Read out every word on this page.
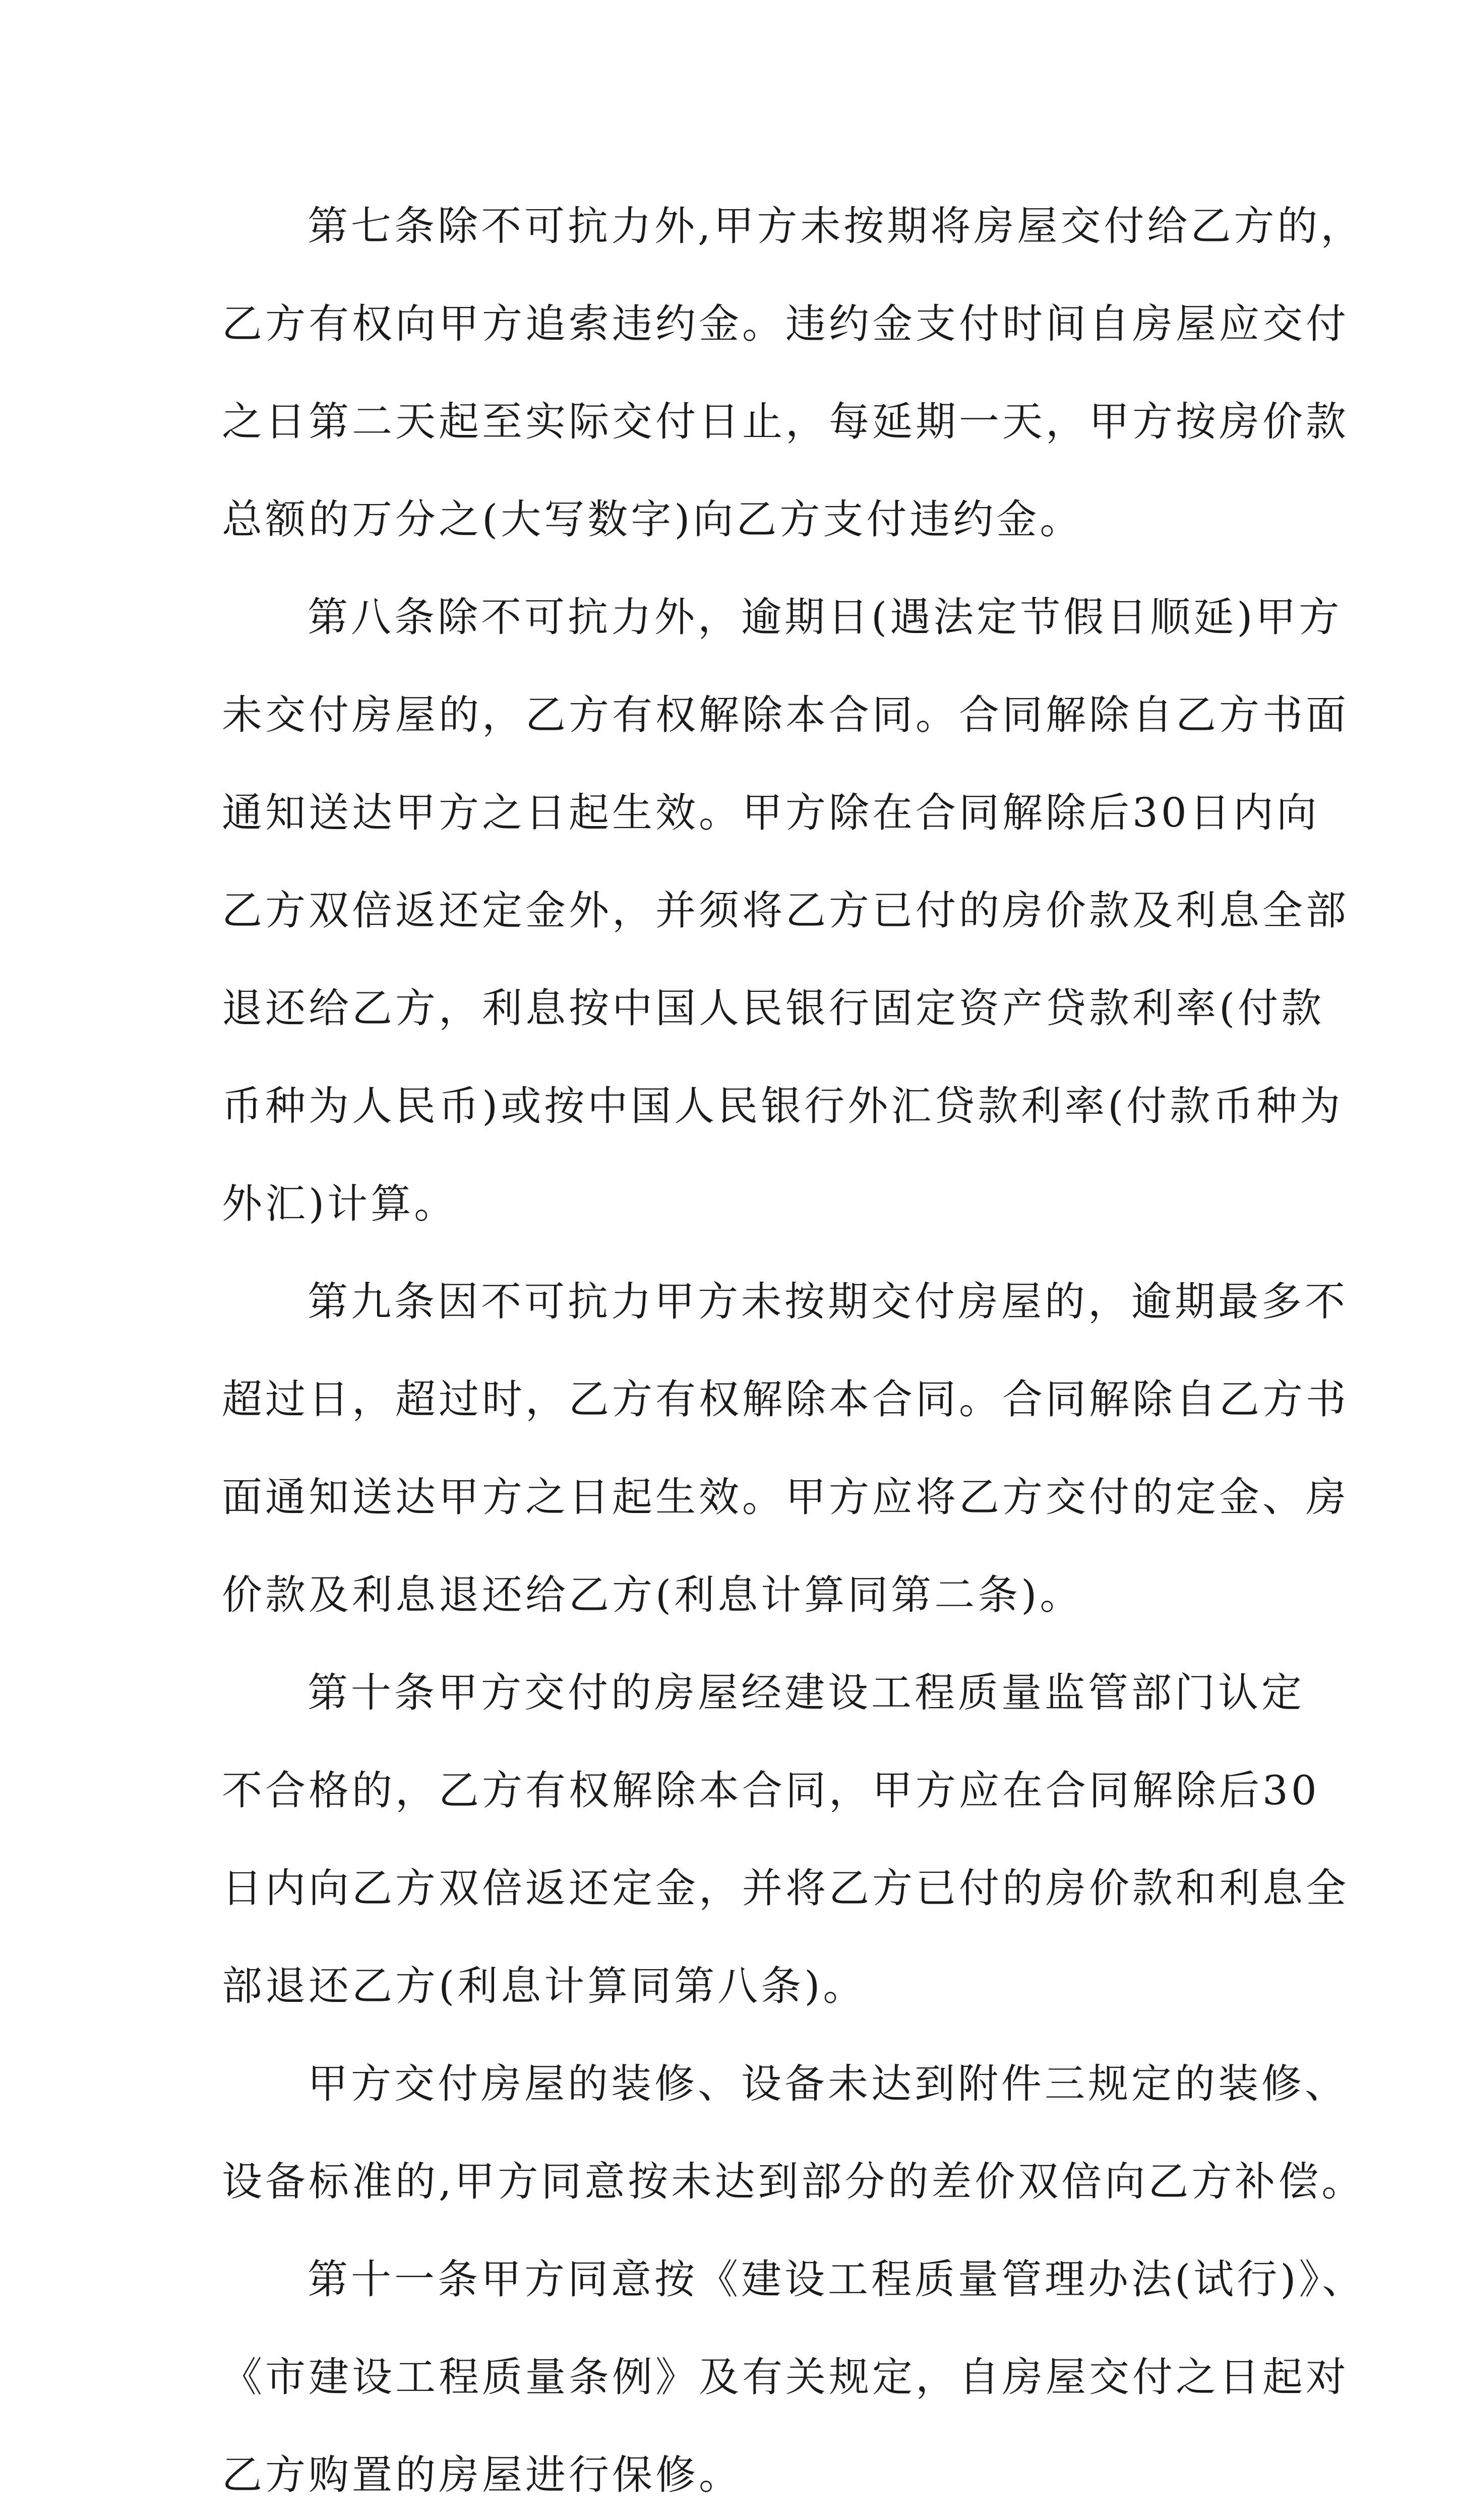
第七条除不可抗力外,甲方未按期将房屋交付给乙方的，
乙方有权向甲方追索违约金。违约金支付时间自房屋应交付
之日第二天起至实际交付日止，每延期一天，甲方按房价款
总额的万分之(大写数字)向乙方支付违约金。
第八条除不可抗力外，逾期日(遇法定节假日顺延)甲方
未交付房屋的，乙方有权解除本合同。合同解除自乙方书面
通知送达甲方之日起生效。甲方除在合同解除后30日内向
乙方双倍返还定金外，并须将乙方已付的房价款及利息全部
退还给乙方，利息按中国人民银行固定资产贷款利率(付款
币种为人民币)或按中国人民银行外汇贷款利率(付款币种为
外汇)计算。
第九条因不可抗力甲方未按期交付房屋的，逾期最多不
超过日，超过时，乙方有权解除本合同。合同解除自乙方书
面通知送达甲方之日起生效。甲方应将乙方交付的定金、房
价款及利息退还给乙方(利息计算同第二条)。
第十条甲方交付的房屋经建设工程质量监管部门认定
不合格的，乙方有权解除本合同，甲方应在合同解除后30
日内向乙方双倍返还定金，并将乙方已付的房价款和利息全
部退还乙方(利息计算同第八条)。
甲方交付房屋的装修、设备未达到附件三规定的装修、
设备标准的,甲方同意按未达到部分的差价双倍向乙方补偿。
第十一条甲方同意按《建设工程质量管理办法(试行)》、
《市建设工程质量条例》及有关规定，自房屋交付之日起对
乙方购置的房屋进行保修。
